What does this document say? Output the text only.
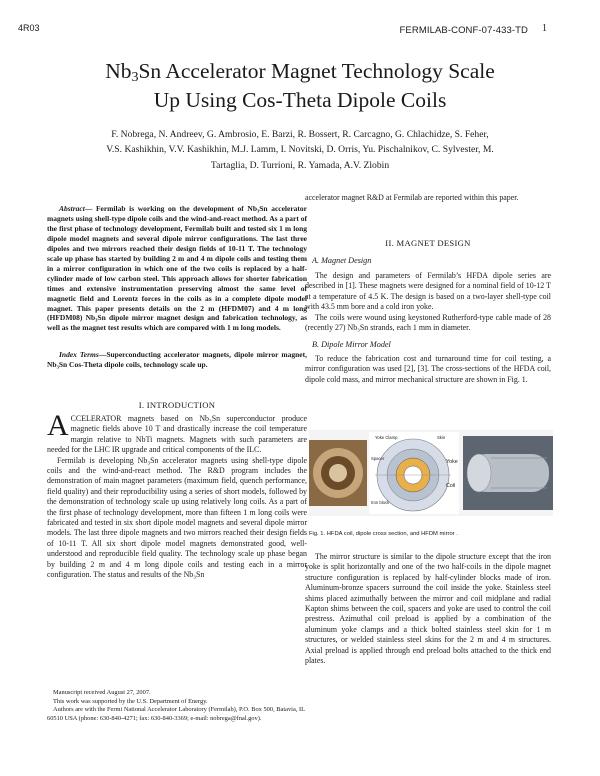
4R03	FERMILAB-CONF-07-433-TD 1
$Nb_3Sn$ Accelerator Magnet Technology Scale
Up Using Cos-Theta Dipole Coils
F. Nobrega, N. Andreev, G. Ambrosio, E. Barzi, R. Bossert, R. Carcagno, G. Chlachidze, S. Feher,
V.S. Kashikhin, V.V. Kashikhin, M.J. Lamm, I. Novitski, D. Orris, Yu. Pischalnikov, C. Sylvester, M.
Tartaglia, D. Turrioni, R. Yamada, A.V. Zlobin
Abstract— Fermilab is working on the development of Nb₃Sn accelerator magnets using shell-type dipole coils and the wind-and-react method. As a part of the first phase of technology development, Fermilab built and tested six 1 m long dipole model magnets and several dipole mirror configurations. The last three dipoles and two mirrors reached their design fields of 10-11 T. The technology scale up phase has started by building 2 m and 4 m dipole coils and testing them in a mirror configuration in which one of the two coils is replaced by a half-cylinder made of low carbon steel. This approach allows for shorter fabrication times and extensive instrumentation preserving almost the same level of magnetic field and Lorentz forces in the coils as in a complete dipole model magnet. This paper presents details on the 2 m (HFDM07) and 4 m long (HFDM08) Nb₃Sn dipole mirror magnet design and fabrication technology, as well as the magnet test results which are compared with 1 m long models.
Index Terms—Superconducting accelerator magnets, dipole mirror magnet, Nb₃Sn Cos-Theta dipole coils, technology scale up.
I. INTRODUCTION

ACCELERATOR magnets based on Nb₃Sn superconductor produce magnetic fields above 10 T and drastically increase the coil temperature margin relative to NbTi magnets. Magnets with such parameters are needed for the LHC IR upgrade and critical components of the ILC.

Fermilab is developing Nb₃Sn accelerator magnets using shell-type dipole coils and the wind-and-react method. The R&D program includes the demonstration of main magnet parameters (maximum field, quench performance, field quality) and their reproducibility using a series of short models, followed by the demonstration of technology scale up using relatively long coils. As a part of the first phase of technology development, more than fifteen 1 m long coils were fabricated and tested in six short dipole model magnets and several dipole mirror models. The last three dipole magnets and two mirrors reached their design fields of 10-11 T. All six short dipole model magnets demonstrated good, well-understood and reproducible field quality. The technology scale up phase began by building 2 m and 4 m long dipole coils and testing each in a mirror configuration. The status and results of the Nb₃Sn

Manuscript received August 27, 2007.

This work was supported by the U.S. Department of Energy.

Authors are with the Fermi National Accelerator Laboratory (Fermilab), P.O. Box 500, Batavia, IL 60510 USA (phone: 630-840-4271; fax: 630-840-3369; e-mail: nobrega@fnal.gov).

accelerator magnet R&D at Fermilab are reported within this paper.
II. MAGNET DESIGN
A. Magnet Design

The design and parameters of Fermilab’s HFDA dipole series are described in [1]. These magnets were designed for a nominal field of 10-12 T at a temperature of 4.5 K. The design is based on a two-layer shell-type coil with 43.5 mm bore and a cold iron yoke.

The coils were wound using keystoned Rutherford-type cable made of 28 (recently 27) Nb₃Sn strands, each 1 mm in diameter.

B. Dipole Mirror Model

To reduce the fabrication cost and turnaround time for coil testing, a mirror configuration was used [2], [3]. The cross-sections of the HFDA coil, dipole cold mass, and mirror mechanical structure are shown in Fig. 1.

Yoke Clamp	Skin
Spacer
Iron block
Yoke
Coil
Fig. 1. HFDA coil, dipole cross section, and HFDM mirror .

The mirror structure is similar to the dipole structure except that the iron yoke is split horizontally and one of the two half-coils in the dipole magnet structure configuration is replaced by half-cylinder blocks made of iron. Aluminum-bronze spacers surround the coil inside the yoke. Stainless steel shims placed azimuthally between the mirror and coil midplane and radial Kapton shims between the coil, spacers and yoke are used to control the coil prestress. Azimuthal coil preload is applied by a combination of the aluminum yoke clamps and a thick bolted stainless steel skin for 1 m structures, or welded stainless steel skins for the 2 m and 4 m structures. Axial preload is applied through end preload bolts attached to the thick end plates.
